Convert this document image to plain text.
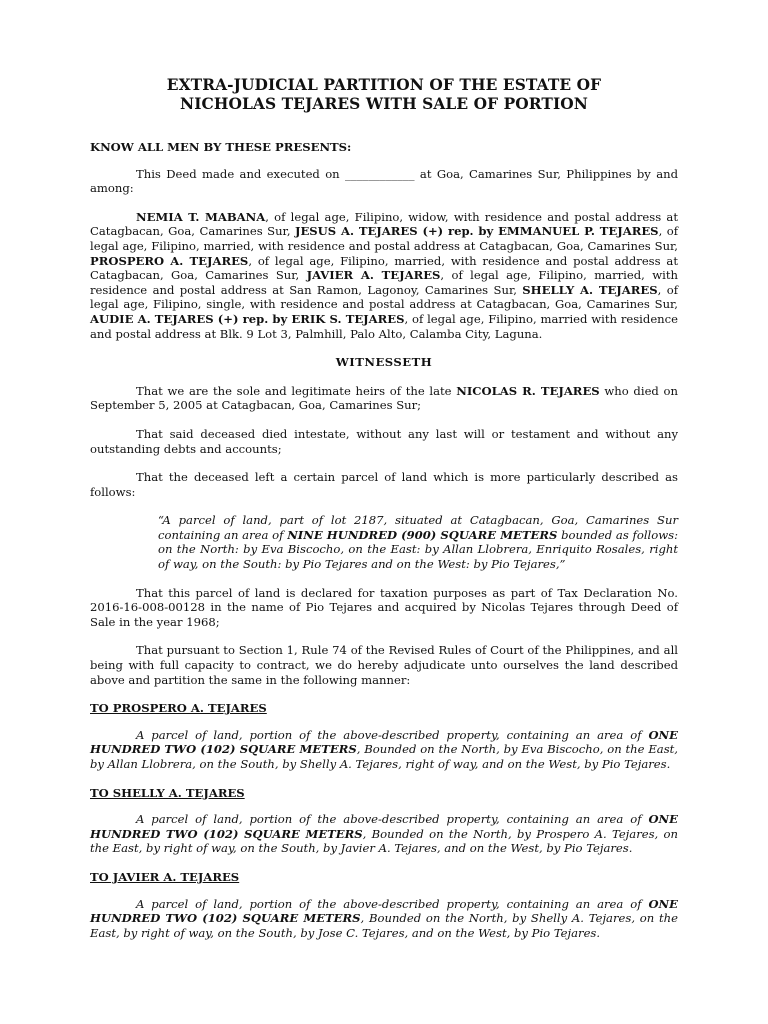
EXTRA-JUDICIAL PARTITION OF THE ESTATE OF
NICHOLAS TEJARES WITH SALE OF PORTION

KNOW ALL MEN BY THESE PRESENTS:

This Deed made and executed on ____________ at Goa, Camarines Sur, Philippines by and among:

NEMIA T. MABANA, of legal age, Filipino, widow, with residence and postal address at Catagbacan, Goa, Camarines Sur, JESUS A. TEJARES (+) rep. by EMMANUEL P. TEJARES, of legal age, Filipino, married, with residence and postal address at Catagbacan, Goa, Camarines Sur, PROSPERO A. TEJARES, of legal age, Filipino, married, with residence and postal address at Catagbacan, Goa, Camarines Sur, JAVIER A. TEJARES, of legal age, Filipino, married, with residence and postal address at San Ramon, Lagonoy, Camarines Sur, SHELLY A. TEJARES, of legal age, Filipino, single, with residence and postal address at Catagbacan, Goa, Camarines Sur, AUDIE A. TEJARES (+) rep. by ERIK S. TEJARES, of legal age, Filipino, married with residence and postal address at Blk. 9 Lot 3, Palmhill, Palo Alto, Calamba City, Laguna.

WITNESSETH

That we are the sole and legitimate heirs of the late NICOLAS R. TEJARES who died on September 5, 2005 at Catagbacan, Goa, Camarines Sur;

That said deceased died intestate, without any last will or testament and without any outstanding debts and accounts;

That the deceased left a certain parcel of land which is more particularly described as follows:

“A parcel of land, part of lot 2187, situated at Catagbacan, Goa, Camarines Sur containing an area of NINE HUNDRED (900) SQUARE METERS bounded as follows: on the North: by Eva Biscocho, on the East: by Allan Llobrera, Enriquito Rosales, right of way, on the South: by Pio Tejares and on the West: by Pio Tejares,”

That this parcel of land is declared for taxation purposes as part of Tax Declaration No. 2016-16-008-00128 in the name of Pio Tejares and acquired by Nicolas Tejares through Deed of Sale in the year 1968;

That pursuant to Section 1, Rule 74 of the Revised Rules of Court of the Philippines, and all being with full capacity to contract, we do hereby adjudicate unto ourselves the land described above and partition the same in the following manner:

TO PROSPERO A. TEJARES

A parcel of land, portion of the above-described property, containing an area of ONE HUNDRED TWO (102) SQUARE METERS, Bounded on the North, by Eva Biscocho, on the East, by Allan Llobrera, on the South, by Shelly A. Tejares, right of way, and on the West, by Pio Tejares.

TO SHELLY A. TEJARES

A parcel of land, portion of the above-described property, containing an area of ONE HUNDRED TWO (102) SQUARE METERS, Bounded on the North, by Prospero A. Tejares, on the East, by right of way, on the South, by Javier A. Tejares, and on the West, by Pio Tejares.

TO JAVIER A. TEJARES

A parcel of land, portion of the above-described property, containing an area of ONE HUNDRED TWO (102) SQUARE METERS, Bounded on the North, by Shelly A. Tejares, on the East, by right of way, on the South, by Jose C. Tejares, and on the West, by Pio Tejares.
